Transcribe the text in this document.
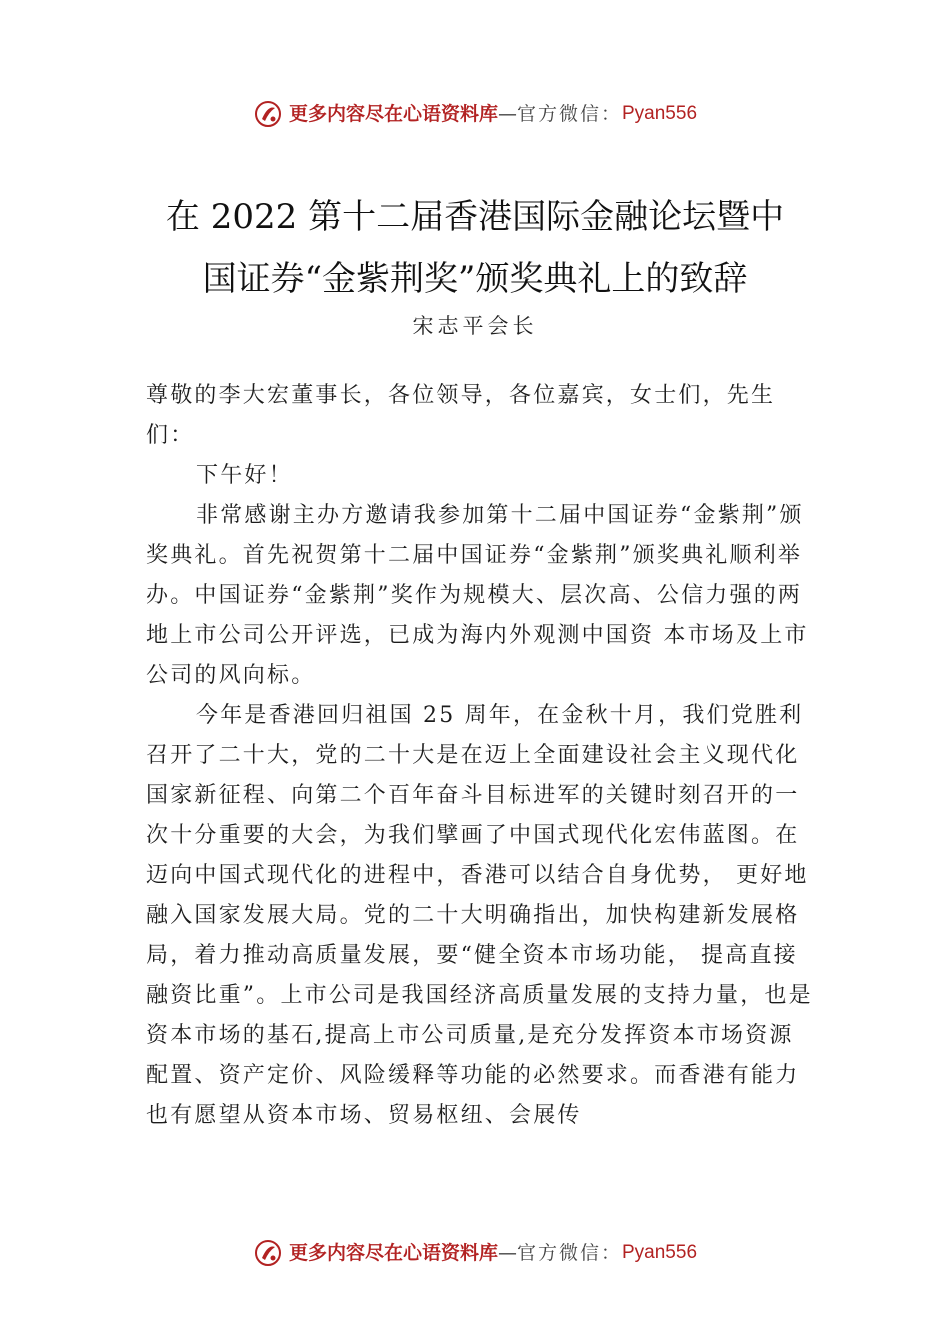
更多内容尽在心语资料库 — 官方微信： Pyan556
在 2022 第十二届香港国际金融论坛暨中
国证券“金紫荆奖”颁奖典礼上的致辞
宋志平会长

尊敬的李大宏董事长，各位领导，各位嘉宾，女士们，先生们：

下午好！

非常感谢主办方邀请我参加第十二届中国证券“金紫荆”颁奖典礼。首先祝贺第十二届中国证券“金紫荆”颁奖典礼顺利举办。中国证券“金紫荆”奖作为规模大、层次高、公信力强的两地上市公司公开评选，已成为海内外观测中国资 本市场及上市公司的风向标。

今年是香港回归祖国 25 周年，在金秋十月，我们党胜利召开了二十大，党的二十大是在迈上全面建设社会主义现代化国家新征程、向第二个百年奋斗目标进军的关键时刻召开的一次十分重要的大会，为我们擘画了中国式现代化宏伟蓝图。在迈向中国式现代化的进程中，香港可以结合自身优势， 更好地融入国家发展大局。党的二十大明确指出，加快构建新发展格局，着力推动高质量发展，要“健全资本市场功能， 提高直接融资比重”。上市公司是我国经济高质量发展的支持力量，也是资本市场的基石,提高上市公司质量,是充分发挥资本市场资源配置、资产定价、风险缓释等功能的必然要求。而香港有能力也有愿望从资本市场、贸易枢纽、会展传

更多内容尽在心语资料库 — 官方微信： Pyan556
